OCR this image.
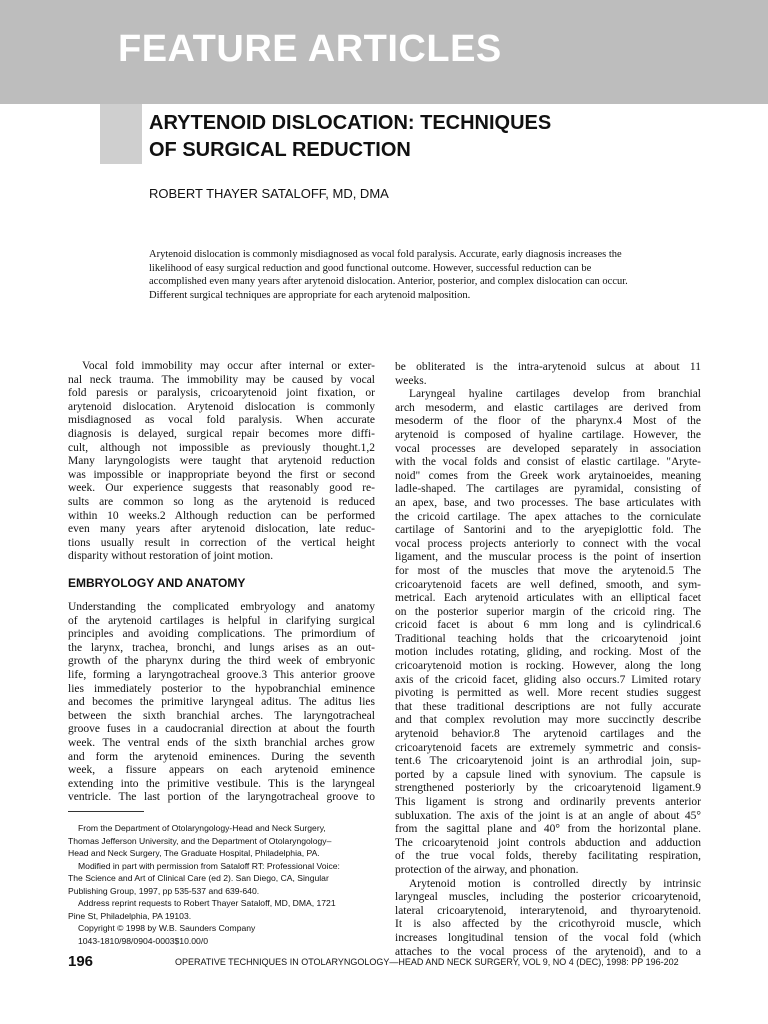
FEATURE ARTICLES
ARYTENOID DISLOCATION: TECHNIQUES
OF SURGICAL REDUCTION
ROBERT THAYER SATALOFF, MD, DMA
Arytenoid dislocation is commonly misdiagnosed as vocal fold paralysis. Accurate, early diagnosis increases the
likelihood of easy surgical reduction and good functional outcome. However, successful reduction can be
accomplished even many years after arytenoid dislocation. Anterior, posterior, and complex dislocation can occur.
Different surgical techniques are appropriate for each arytenoid malposition.
Vocal fold immobility may occur after internal or exter-
nal neck trauma. The immobility may be caused by vocal
fold paresis or paralysis, cricoarytenoid joint fixation, or
arytenoid dislocation. Arytenoid dislocation is commonly
misdiagnosed as vocal fold paralysis. When accurate
diagnosis is delayed, surgical repair becomes more diffi-
cult, although not impossible as previously thought.1,2
Many laryngologists were taught that arytenoid reduction
was impossible or inappropriate beyond the first or second
week. Our experience suggests that reasonably good re-
sults are common so long as the arytenoid is reduced
within 10 weeks.2 Although reduction can be performed
even many years after arytenoid dislocation, late reduc-
tions usually result in correction of the vertical height
disparity without restoration of joint motion.
EMBRYOLOGY AND ANATOMY
Understanding the complicated embryology and anatomy
of the arytenoid cartilages is helpful in clarifying surgical
principles and avoiding complications. The primordium of
the larynx, trachea, bronchi, and lungs arises as an out-
growth of the pharynx during the third week of embryonic
life, forming a laryngotracheal groove.3 This anterior groove
lies immediately posterior to the hypobranchial eminence
and becomes the primitive laryngeal aditus. The aditus lies
between the sixth branchial arches. The laryngotracheal
groove fuses in a caudocranial direction at about the fourth
week. The ventral ends of the sixth branchial arches grow
and form the arytenoid eminences. During the seventh
week, a fissure appears on each arytenoid eminence
extending into the primitive vestibule. This is the laryngeal
ventricle. The last portion of the laryngotracheal groove to
be obliterated is the intra-arytenoid sulcus at about 11
weeks.
Laryngeal hyaline cartilages develop from branchial
arch mesoderm, and elastic cartilages are derived from
mesoderm of the floor of the pharynx.4 Most of the
arytenoid is composed of hyaline cartilage. However, the
vocal processes are developed separately in association
with the vocal folds and consist of elastic cartilage. "Aryte-
noid" comes from the Greek work arytainoeides, meaning
ladle-shaped. The cartilages are pyramidal, consisting of
an apex, base, and two processes. The base articulates with
the cricoid cartilage. The apex attaches to the corniculate
cartilage of Santorini and to the aryepiglottic fold. The
vocal process projects anteriorly to connect with the vocal
ligament, and the muscular process is the point of insertion
for most of the muscles that move the arytenoid.5 The
cricoarytenoid facets are well defined, smooth, and sym-
metrical. Each arytenoid articulates with an elliptical facet
on the posterior superior margin of the cricoid ring. The
cricoid facet is about 6 mm long and is cylindrical.6
Traditional teaching holds that the cricoarytenoid joint
motion includes rotating, gliding, and rocking. Most of the
cricoarytenoid motion is rocking. However, along the long
axis of the cricoid facet, gliding also occurs.7 Limited rotary
pivoting is permitted as well. More recent studies suggest
that these traditional descriptions are not fully accurate
and that complex revolution may more succinctly describe
arytenoid behavior.8 The arytenoid cartilages and the
cricoarytenoid facets are extremely symmetric and consis-
tent.6 The cricoarytenoid joint is an arthrodial join, sup-
ported by a capsule lined with synovium. The capsule is
strengthened posteriorly by the cricoarytenoid ligament.9
This ligament is strong and ordinarily prevents anterior
subluxation. The axis of the joint is at an angle of about 45°
from the sagittal plane and 40° from the horizontal plane.
The cricoarytenoid joint controls abduction and adduction
of the true vocal folds, thereby facilitating respiration,
protection of the airway, and phonation.
Arytenoid motion is controlled directly by intrinsic
laryngeal muscles, including the posterior cricoarytenoid,
lateral cricoarytenoid, interarytenoid, and thyroarytenoid.
It is also affected by the cricothyroid muscle, which
increases longitudinal tension of the vocal fold (which
attaches to the vocal process of the arytenoid), and to a
From the Department of Otolaryngology-Head and Neck Surgery,
Thomas Jefferson University, and the Department of Otolaryngology–
Head and Neck Surgery, The Graduate Hospital, Philadelphia, PA.
Modified in part with permission from Sataloff RT: Professional Voice:
The Science and Art of Clinical Care (ed 2). San Diego, CA, Singular
Publishing Group, 1997, pp 535-537 and 639-640.
Address reprint requests to Robert Thayer Sataloff, MD, DMA, 1721
Pine St, Philadelphia, PA 19103.
Copyright © 1998 by W.B. Saunders Company
1043-1810/98/0904-0003$10.00/0
196	OPERATIVE TECHNIQUES IN OTOLARYNGOLOGY—HEAD AND NECK SURGERY, VOL 9, NO 4 (DEC), 1998: PP 196-202
